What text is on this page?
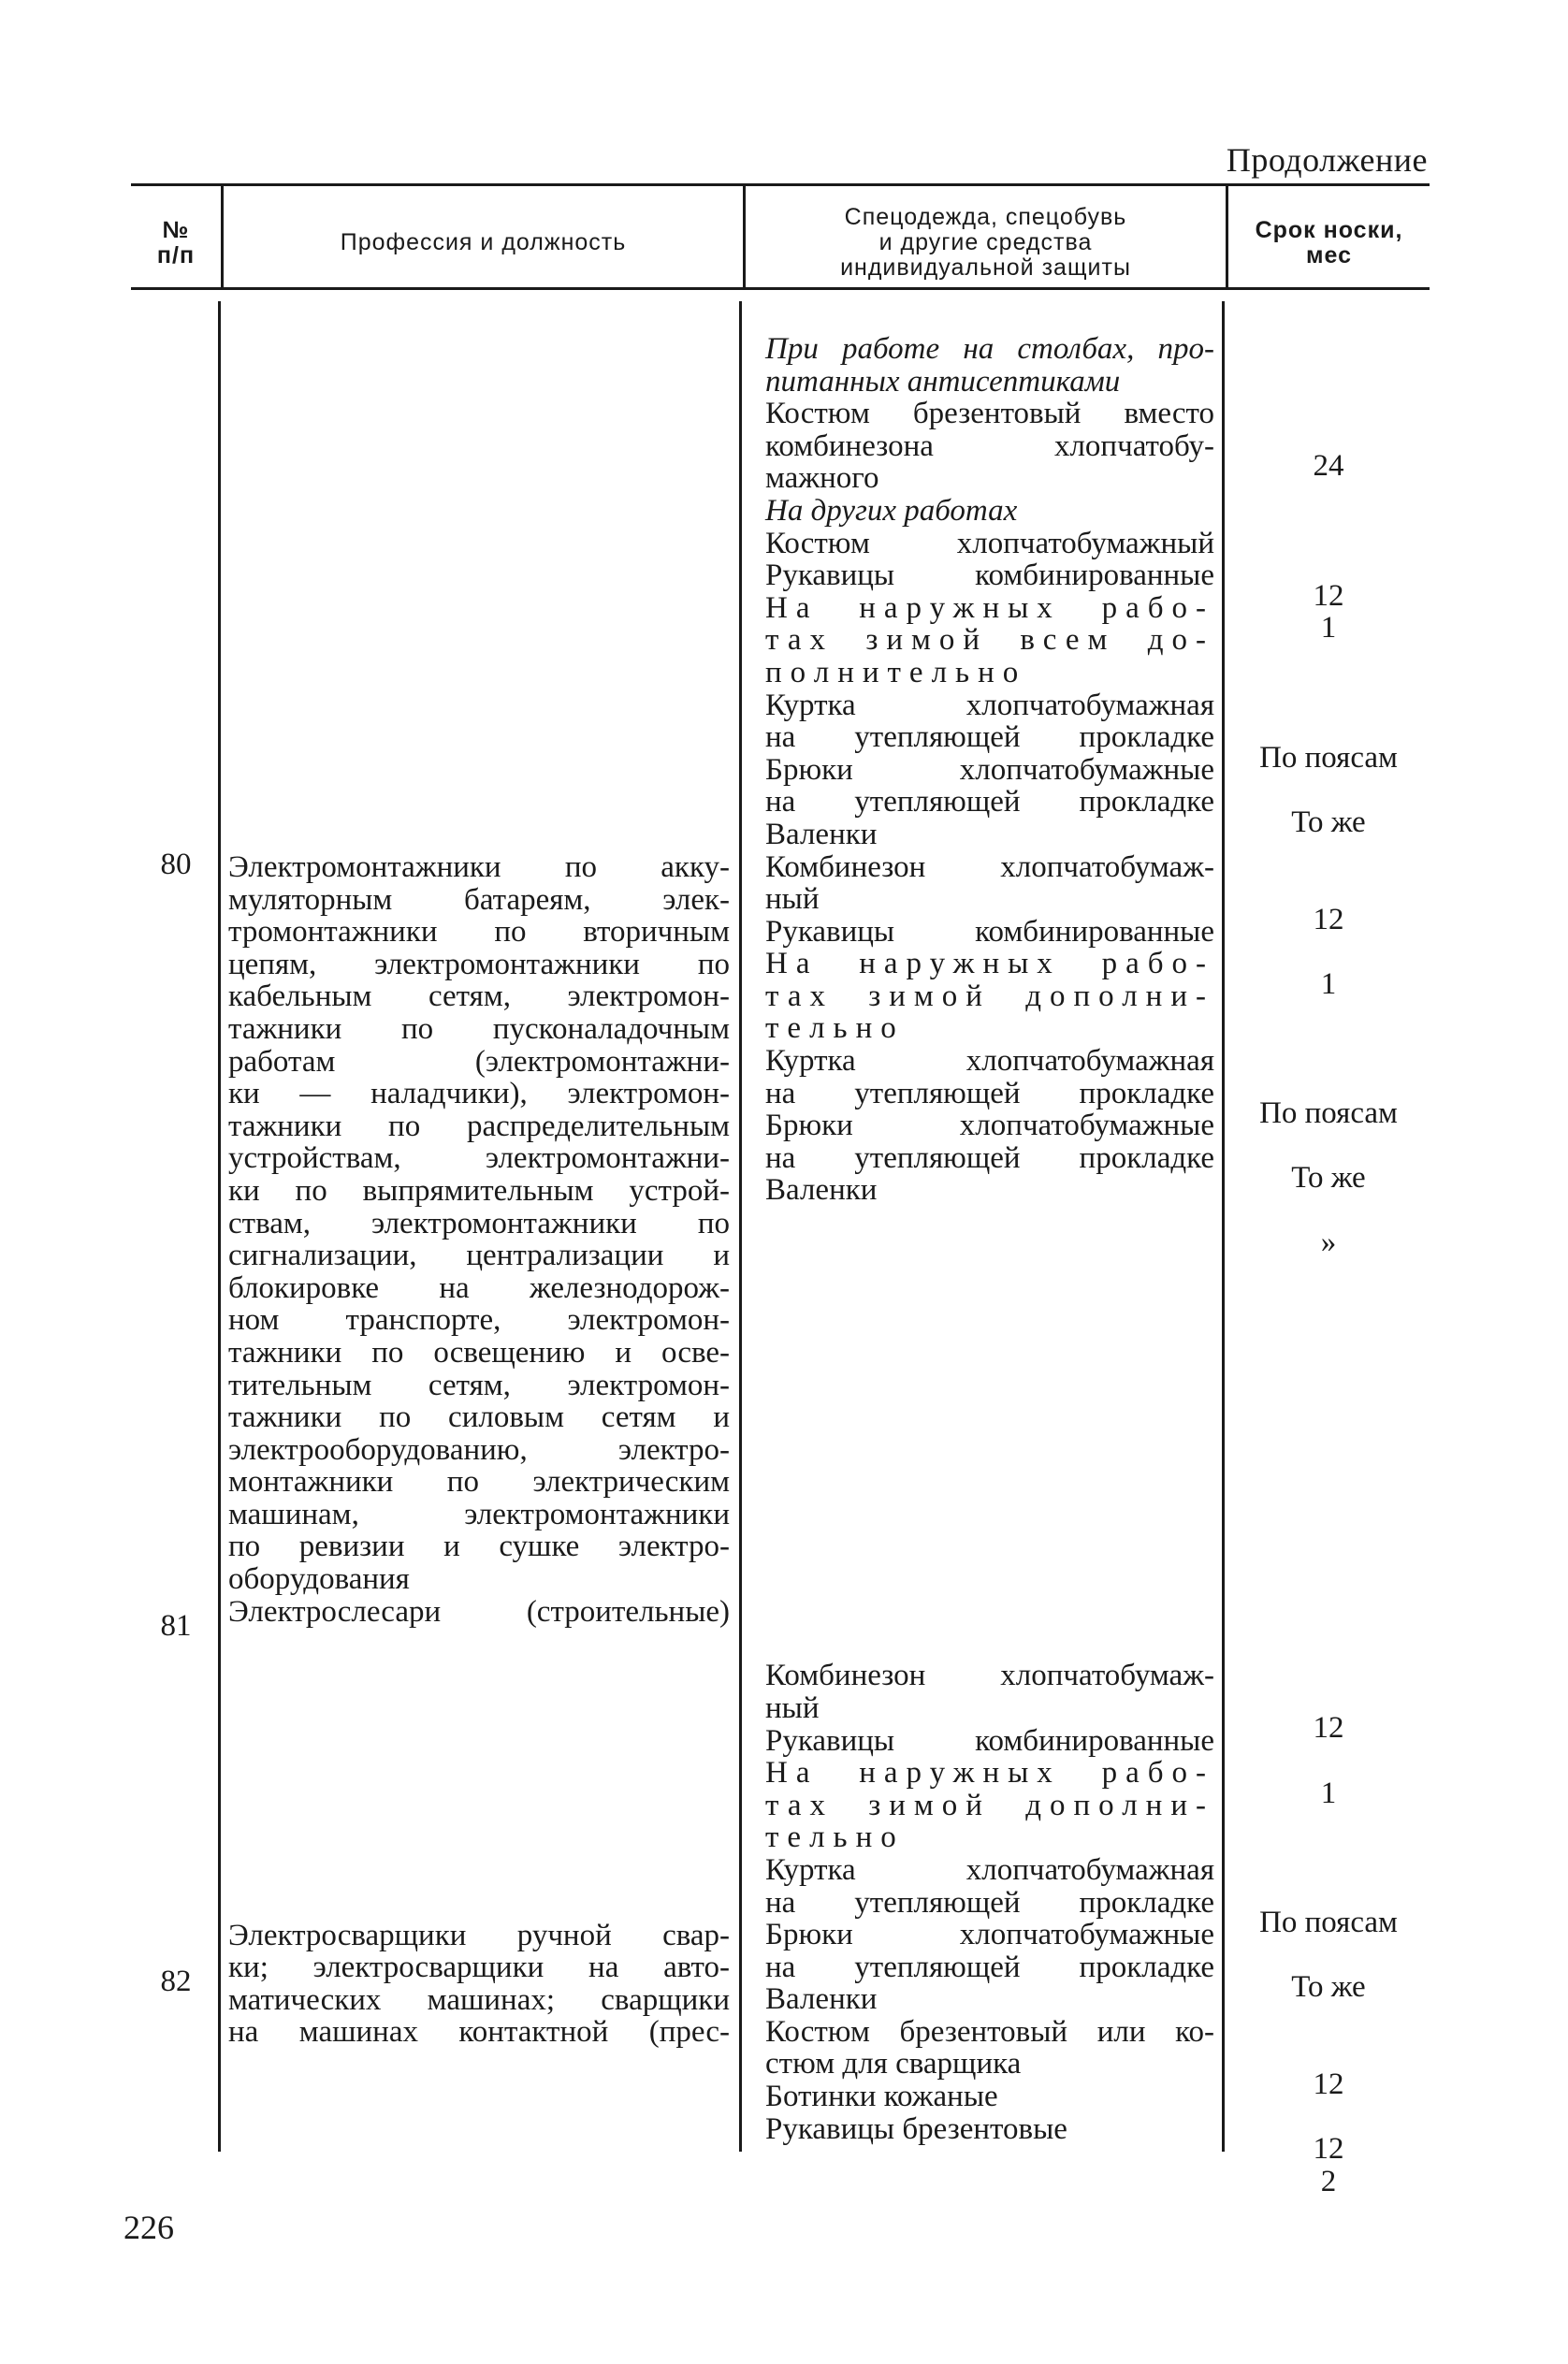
Продолжение
№
п/п	Профессия и должность
Спецодежда, спецобувь
и другие средства
индивидуальной защиты
Срок носки,
мес
80
81
82
Электромонтажники по акку-
муляторным батареям, элек-
тромонтажники по вторичным
цепям, электромонтажники по
кабельным сетям, электромон-
тажники по пусконаладочным
работам (электромонтажни-
ки — наладчики), электромон-
тажники по распределительным
устройствам, электромонтажни-
ки по выпрямительным устрой-
ствам, электромонтажники по
сигнализации, централизации и
блокировке на железнодорож-
ном транспорте, электромон-
тажники по освещению и осве-
тительным сетям, электромон-
тажники по силовым сетям и
электрооборудованию, электро-
монтажники по электрическим
машинам, электромонтажники
по ревизии и сушке электро-
оборудования
Электрослесари (строительные)
Электросварщики ручной свар-
ки; электросварщики на авто-
матических машинах; сварщики
на машинах контактной (прес-
При работе на столбах, про-
питанных антисептиками
Костюм брезентовый вместо
комбинезона хлопчатобу-
мажного
На других работах
Костюм хлопчатобумажный
Рукавицы комбинированные
На наружных рабо-
тах зимой всем до-
полнительно
Куртка хлопчатобумажная
на утепляющей прокладке
Брюки хлопчатобумажные
на утепляющей прокладке
Валенки
Комбинезон хлопчатобумаж-
ный
Рукавицы комбинированные
На наружных рабо-
тах зимой дополни-
тельно
Куртка хлопчатобумажная
на утепляющей прокладке
Брюки хлопчатобумажные
на утепляющей прокладке
Валенки
Комбинезон хлопчатобумаж-
ный
Рукавицы комбинированные
На наружных рабо-
тах зимой дополни-
тельно
Куртка хлопчатобумажная
на утепляющей прокладке
Брюки хлопчатобумажные
на утепляющей прокладке
Валенки
Костюм брезентовый или ко-
стюм для сварщика
Ботинки кожаные
Рукавицы брезентовые
24
12
1
По поясам
То же
12
1
По поясам
То же
»
12
1
По поясам
То же
12
12
2
226
